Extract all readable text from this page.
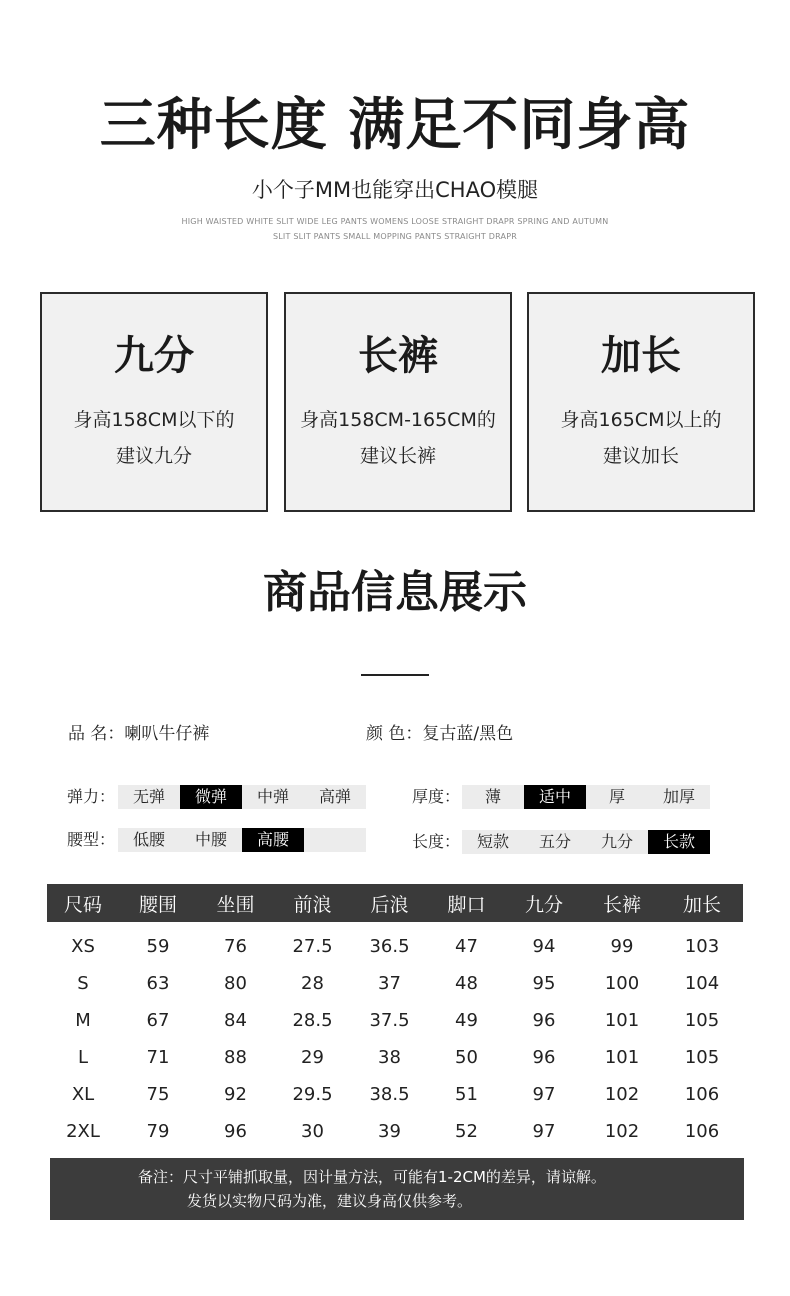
三种长度 满足不同身高
小个子MM也能穿出CHAO模腿
HIGH WAISTED WHITE SLIT WIDE LEG PANTS WOMENS LOOSE STRAIGHT DRAPR SPRING AND AUTUMN
SLIT SLIT PANTS SMALL MOPPING PANTS STRAIGHT DRAPR
九分
身高158CM以下的
建议九分
长裤
身高158CM-165CM的
建议长裤
加长
身高165CM以上的
建议加长
商品信息展示
品 名：喇叭牛仔裤	颜 色：复古蓝/黑色
弹力：	无弹	微弹	中弹	高弹	厚度：	薄	适中	厚	加厚
腰型：	低腰	中腰	高腰	长度：	短款	五分	九分	长款
尺码	腰围	坐围	前浪	后浪	脚口	九分	长裤	加长
XS	59	76	27.5	36.5	47	94	99	103
S	63	80	28	37	48	95	100	104
M	67	84	28.5	37.5	49	96	101	105
L	71	88	29	38	50	96	101	105
XL	75	92	29.5	38.5	51	97	102	106
2XL	79	96	30	39	52	97	102	106
备注：尺寸平铺抓取量，因计量方法，可能有1-2CM的差异，请谅解。
发货以实物尺码为准，建议身高仅供参考。
